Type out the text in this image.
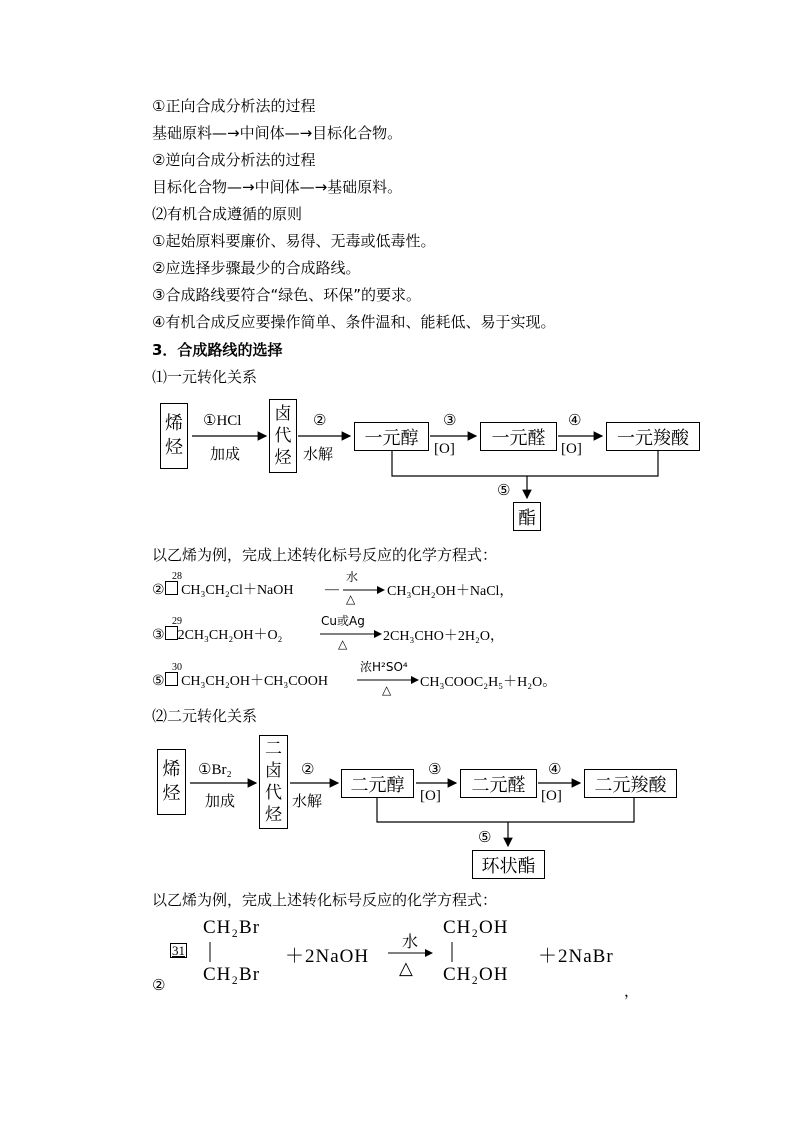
①正向合成分析法的过程
基础原料—→中间体—→目标化合物。
②逆向合成分析法的过程
目标化合物—→中间体—→基础原料。
⑵有机合成遵循的原则
①起始原料要廉价、易得、无毒或低毒性。
②应选择步骤最少的合成路线。
③合成路线要符合“绿色、环保”的要求。
④有机合成反应要操作简单、条件温和、能耗低、易于实现。
3．合成路线的选择
⑴一元转化关系
烯
烃
①HCl
加成
卤
代
烃
②
水解
一元醇
③
[O]
一元醛
④
[O]
一元羧酸
⑤
酯
以乙烯为例，完成上述转化标号反应的化学方程式：
② CH₃CH₂Cl＋NaOH
28
—
水
△ CH₃CH₂OH＋NaCl，
③ 2CH₃CH₂OH＋O₂
29	Cu或Ag
△	2CH₃CHO＋2H₂O，
⑤ CH₃CH₂OH＋CH₃COOH
30	浓H²SO⁴
△ CH₃COOC₂H₅＋H₂O。
⑵二元转化关系
烯
烃
①Br₂
加成
二
卤
代
烃
②
水解
二元醇
③
[O]
二元醛
④
[O]
二元羧酸
⑤
环状酯
以乙烯为例，完成上述转化标号反应的化学方程式：
31
②
CH₂Br
CH₂Br
＋2NaOH
水
△
CH₂OH
CH₂OH
＋2NaBr
，
